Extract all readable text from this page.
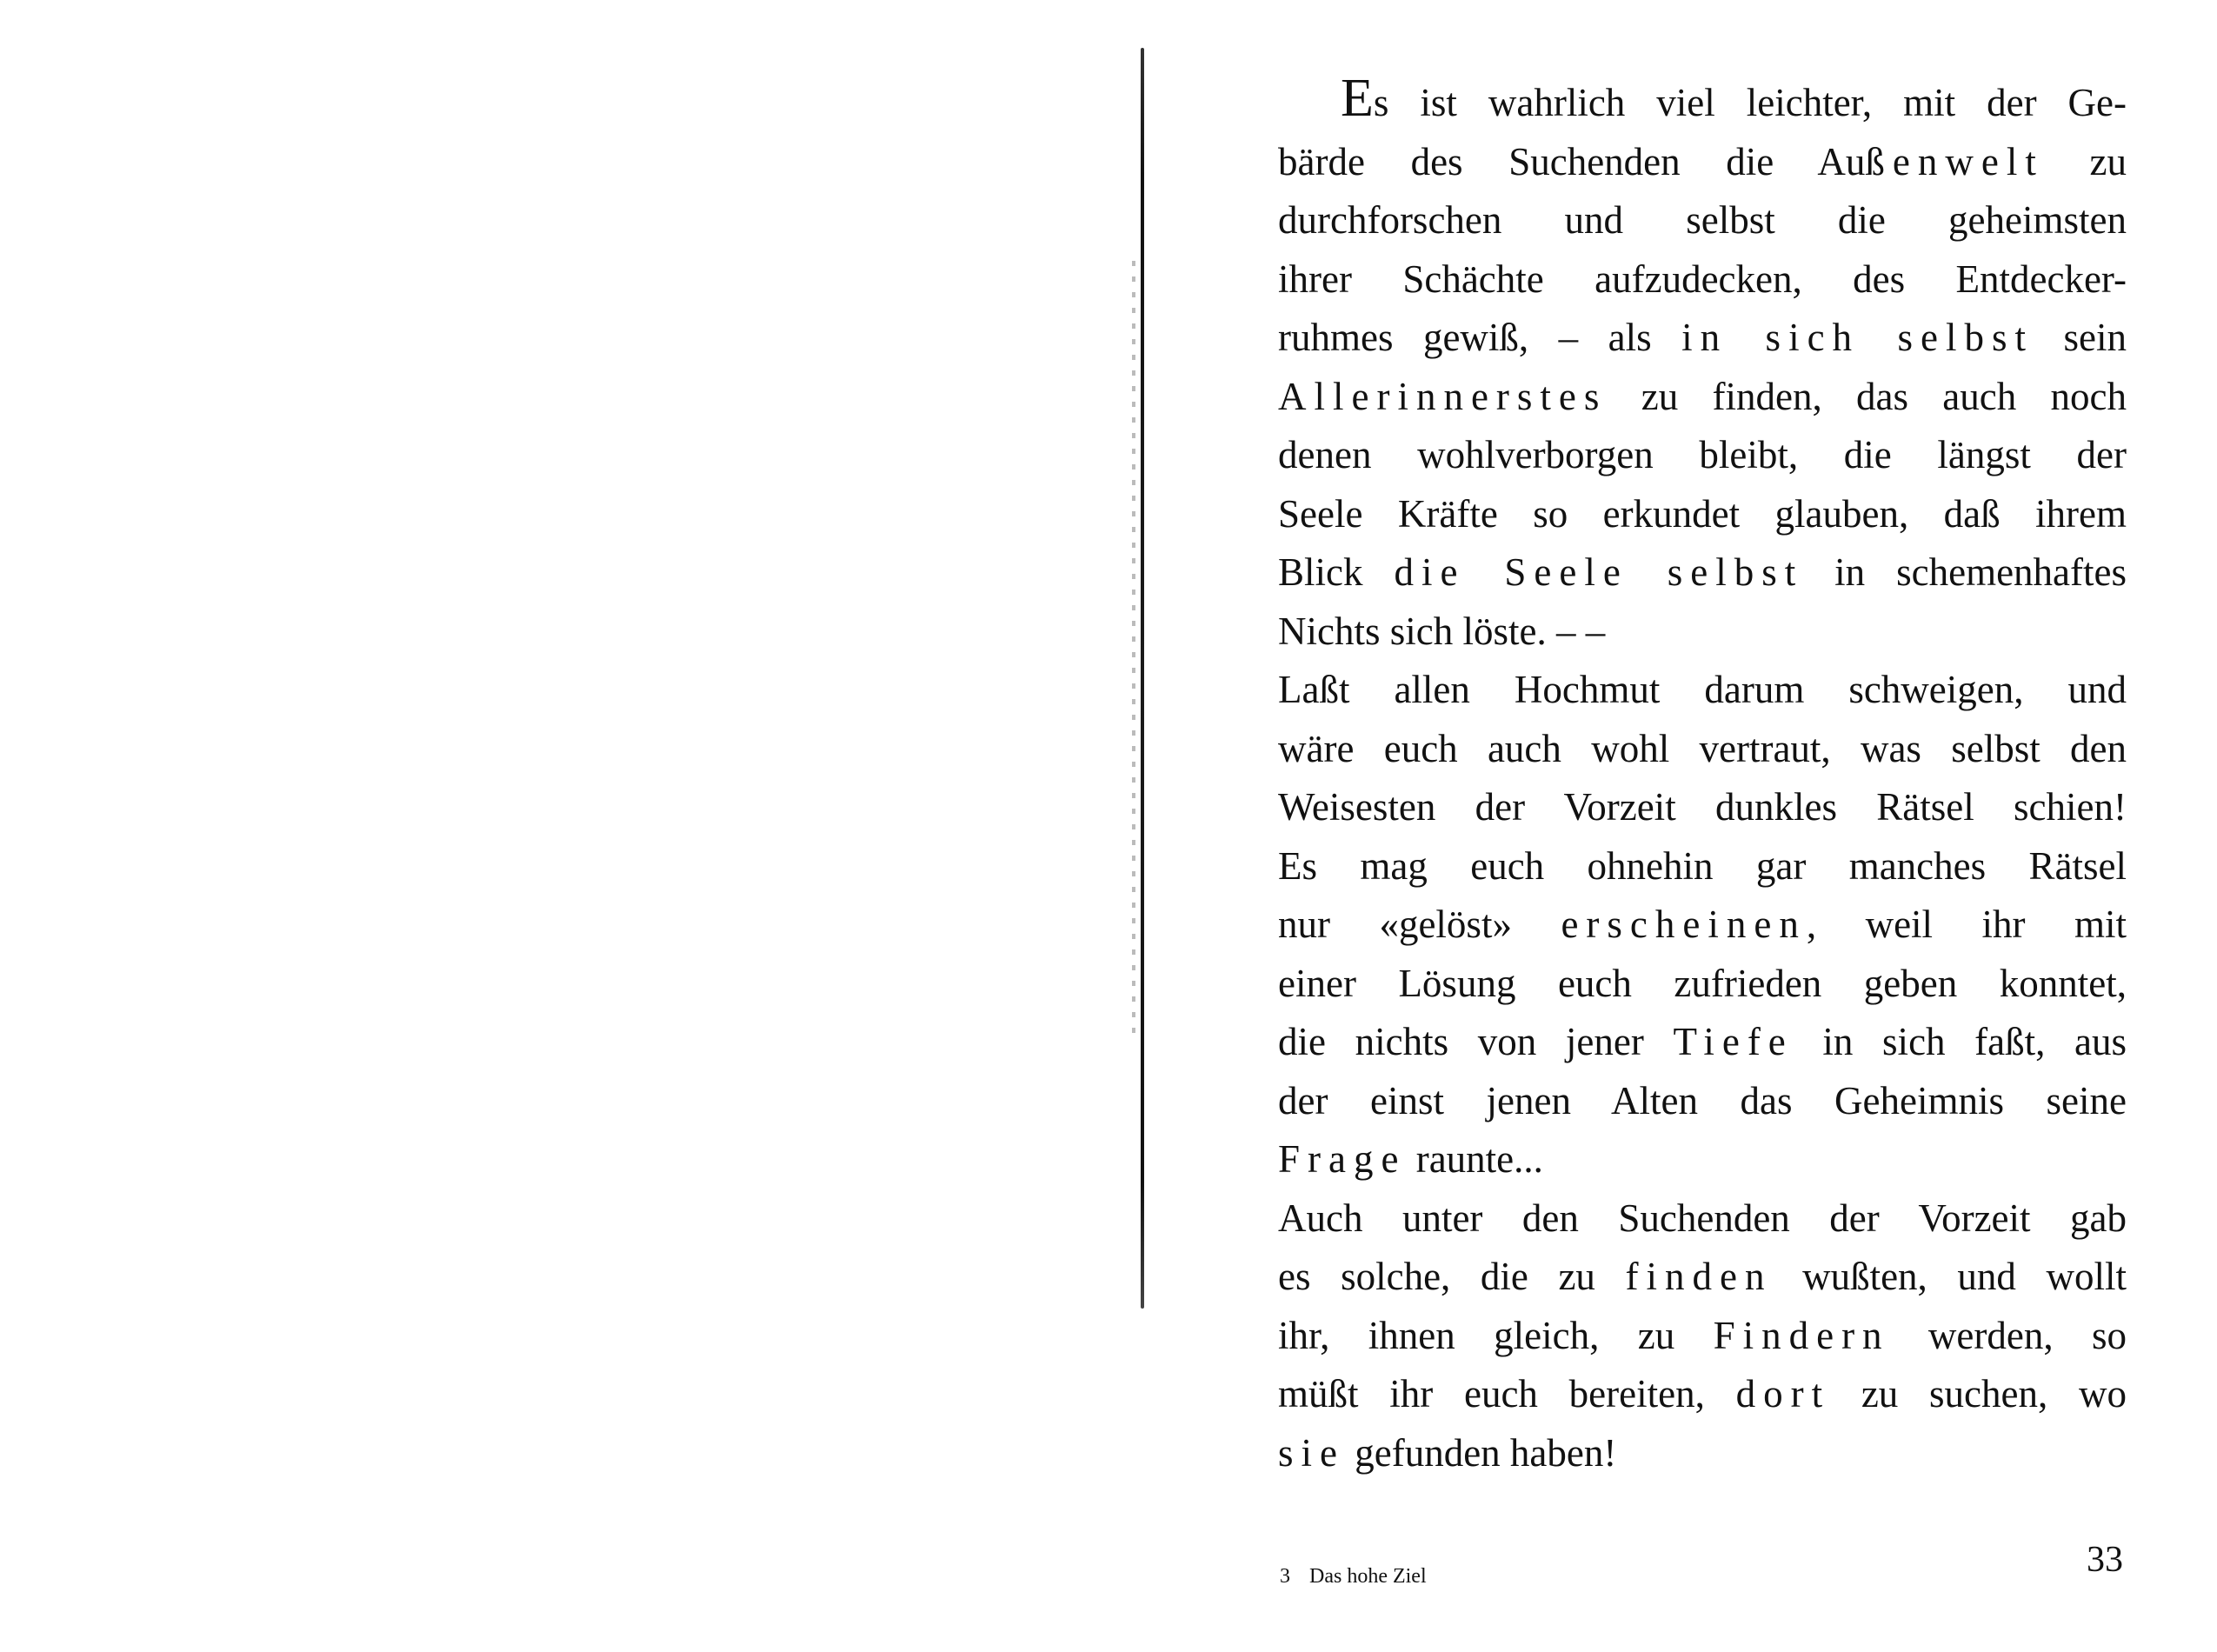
Es ist wahrlich viel leichter, mit der Ge-
bärde des Suchenden die Außenwelt zu
durchforschen und selbst die geheimsten
ihrer Schächte aufzudecken, des Entdecker-
ruhmes gewiß, – als in sich selbst sein
Allerinnerstes zu finden, das auch noch
denen wohlverborgen bleibt, die längst der
Seele Kräfte so erkundet glauben, daß ihrem
Blick die Seele selbst in schemenhaftes
Nichts sich löste. – –
Laßt allen Hochmut darum schweigen, und
wäre euch auch wohl vertraut, was selbst den
Weisesten der Vorzeit dunkles Rätsel schien!
Es mag euch ohnehin gar manches Rätsel
nur «gelöst» erscheinen, weil ihr mit
einer Lösung euch zufrieden geben konntet,
die nichts von jener Tiefe in sich faßt, aus
der einst jenen Alten das Geheimnis seine
Frage raunte...
Auch unter den Suchenden der Vorzeit gab
es solche, die zu finden wußten, und wollt
ihr, ihnen gleich, zu Findern werden, so
müßt ihr euch bereiten, dort zu suchen, wo
sie gefunden haben!
3 Das hohe Ziel	33
